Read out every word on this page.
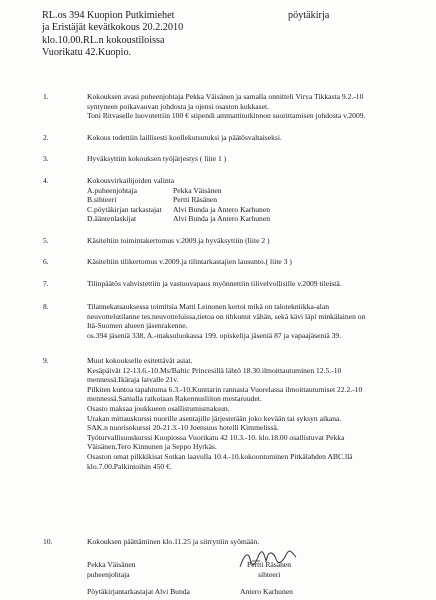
RL.os 394 Kuopion Putkimiehet
ja Eristäjät kevätkokous 20.2.2010
klo.10.00.RL.n kokoustiloissa
Vuorikatu 42.Kuopio.
pöytäkirja
1.	Kokouksen avasi puheenjohtaja Pekka Väisänen ja samalla onnitteli Virva Tikkasta 9.2.-10
syntyneen poikavauvan johdosta ja ojensi osaston kukkaset.
Toni Ritvaselle luovutettiin 100 € stipendi ammattitutkinnon suorittamisen johdosta v.2009.
2.	Kokous todettiin laillisesti koollekutsutuksi ja päätösvaltaiseksi.
3.	Hyväksyttiin kokouksen työjärjestys ( liite 1 )
4.	Kokousvirkailijoiden valinta
A.puheenjohtaja	Pekka Väisänen
B.sihteeri	Pertti Räsänen
C.pöytäkirjan tarkastajat	Alvi Bunda ja Antero Karhunen
D.ääntenlaskijat	Alvi Bunda ja Antero Karhunen
5.	Käsiteltiin toimintakertomus v.2009.ja hyväksyttiin (liite 2 )
6.	Käsiteltiin tilikertomus v.2009.ja tilintarkastajien lausunto.( liite 3 )
7.	Tilinpäätös vahvistettiin ja vastuuvapaus myönnettiin tilivelvollisille v.2009 tileistä.
8.	Tilannekatsauksessa toimitsia Matti Leinonen kertoi mikä on talotekniikka-alan
neuvottelutilanne tes.neuvotteluissa,tietoa on tihkunut vähän, sekä kävi läpi minkälainen on
Itä-Suomen alueen jäsenrakenne.
os.394 jäseniä 338, A.-maksuluokassa 199. opiskelija jäseniä 87 ja vapaajäseniä 39.
9.	Muut kokoukselle esitettävät asiat.
Kesäpäivät 12-13.6.-10.Ms/Baltic Princesillä lähtö 18.30.ilmoittautuminen 12.5.-10
mennessä.Ikäraja laivalle 21v.
Pilkiten kuntoa tapahtuma 6.3.-10.Kunttarin rannasta Vuorelassa ilmoittautumiset 22.2.-10
mennessä.Samalla ratkotaan Rakennusliiton mestaruudet.
Osasto maksaa joukkueen osallistumismaksun.
Urakan mittauskurssi nuorille asentajille järjestetään joko kevään tai syksyn aikana.
SAK.n nuorisokurssi 20-21.3.-10 Joensuus hotelli Kimmelissä.
Työturvallisuuskurssi Kuopiossa Vuorikatu 42 10.3.-10. klo.18.00 osallistuvat Pekka
Väisänen,Tero Kinnunen ja Seppo Hyrkäs.
Osaston omat pilkkikisat Sotkan laavulla 10.4.-10.kokoontuminen Pitkälahden ABC.llä
klo.7.00.Palkintoihin 450 €.
10.	Kokouksen päättäminen klo.11.25 ja siirryttiin syömään.
Pekka Väisänen
puheenjohtaja
Pertti Räsänen
sihteeri
Pöytäkirjantarkastajat Alvi Bunda	Antero Karhunen
